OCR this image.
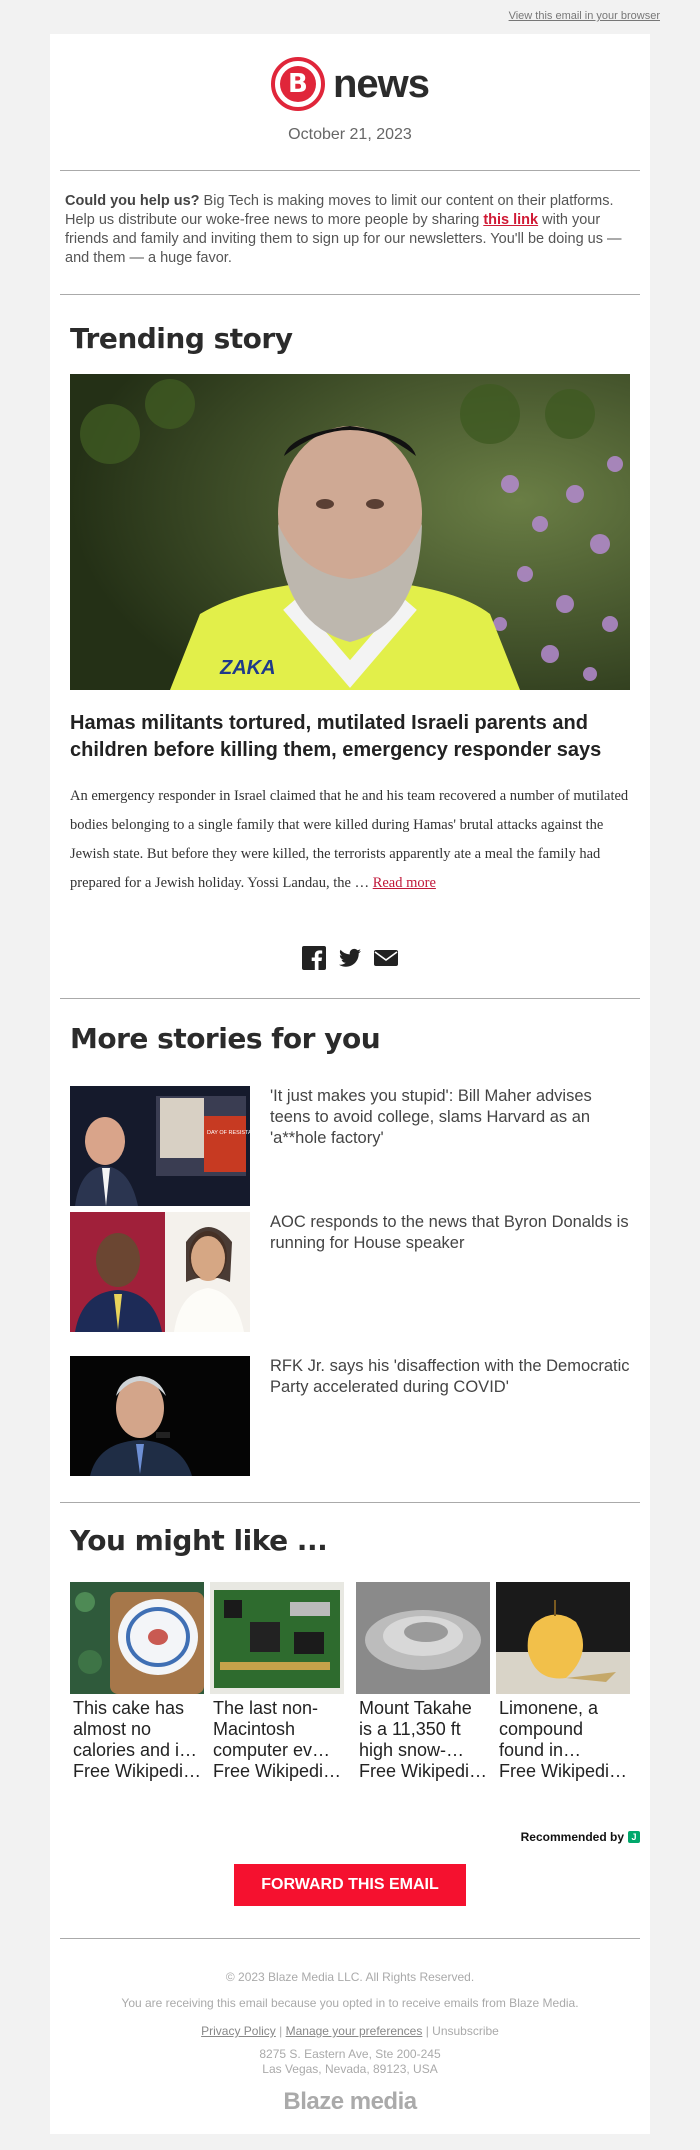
View this email in your browser
B news
October 21, 2023
Could you help us? Big Tech is making moves to limit our content on their platforms. Help us distribute our woke-free news to more people by sharing this link with your friends and family and inviting them to sign up for our newsletters. You'll be doing us — and them — a huge favor.
Trending story
ZAKA
Hamas militants tortured, mutilated Israeli parents and children before killing them, emergency responder says
An emergency responder in Israel claimed that he and his team recovered a number of mutilated bodies belonging to a single family that were killed during Hamas' brutal attacks against the Jewish state. But before they were killed, the terrorists apparently ate a meal the family had prepared for a Jewish holiday. Yossi Landau, the … Read more
More stories for you
DAY OF RESISTANCE
'It just makes you stupid': Bill Maher advises teens to avoid college, slams Harvard as an 'a**hole factory'
AOC responds to the news that Byron Donalds is running for House speaker
RFK Jr. says his 'disaffection with the Democratic Party accelerated during COVID'
You might like ...
This cake has almost no calories and i…
Free Wikipedi…
The last non-Macintosh computer ev…
Free Wikipedi…
Mount Takahe is a 11,350 ft high snow-…
Free Wikipedi…
Limonene, a compound found in…
Free Wikipedi…
Recommended by J
FORWARD THIS EMAIL
© 2023 Blaze Media LLC. All Rights Reserved.
You are receiving this email because you opted in to receive emails from Blaze Media.
Privacy Policy | Manage your preferences | Unsubscribe
8275 S. Eastern Ave, Ste 200-245
Las Vegas, Nevada, 89123, USA
Blaze media
